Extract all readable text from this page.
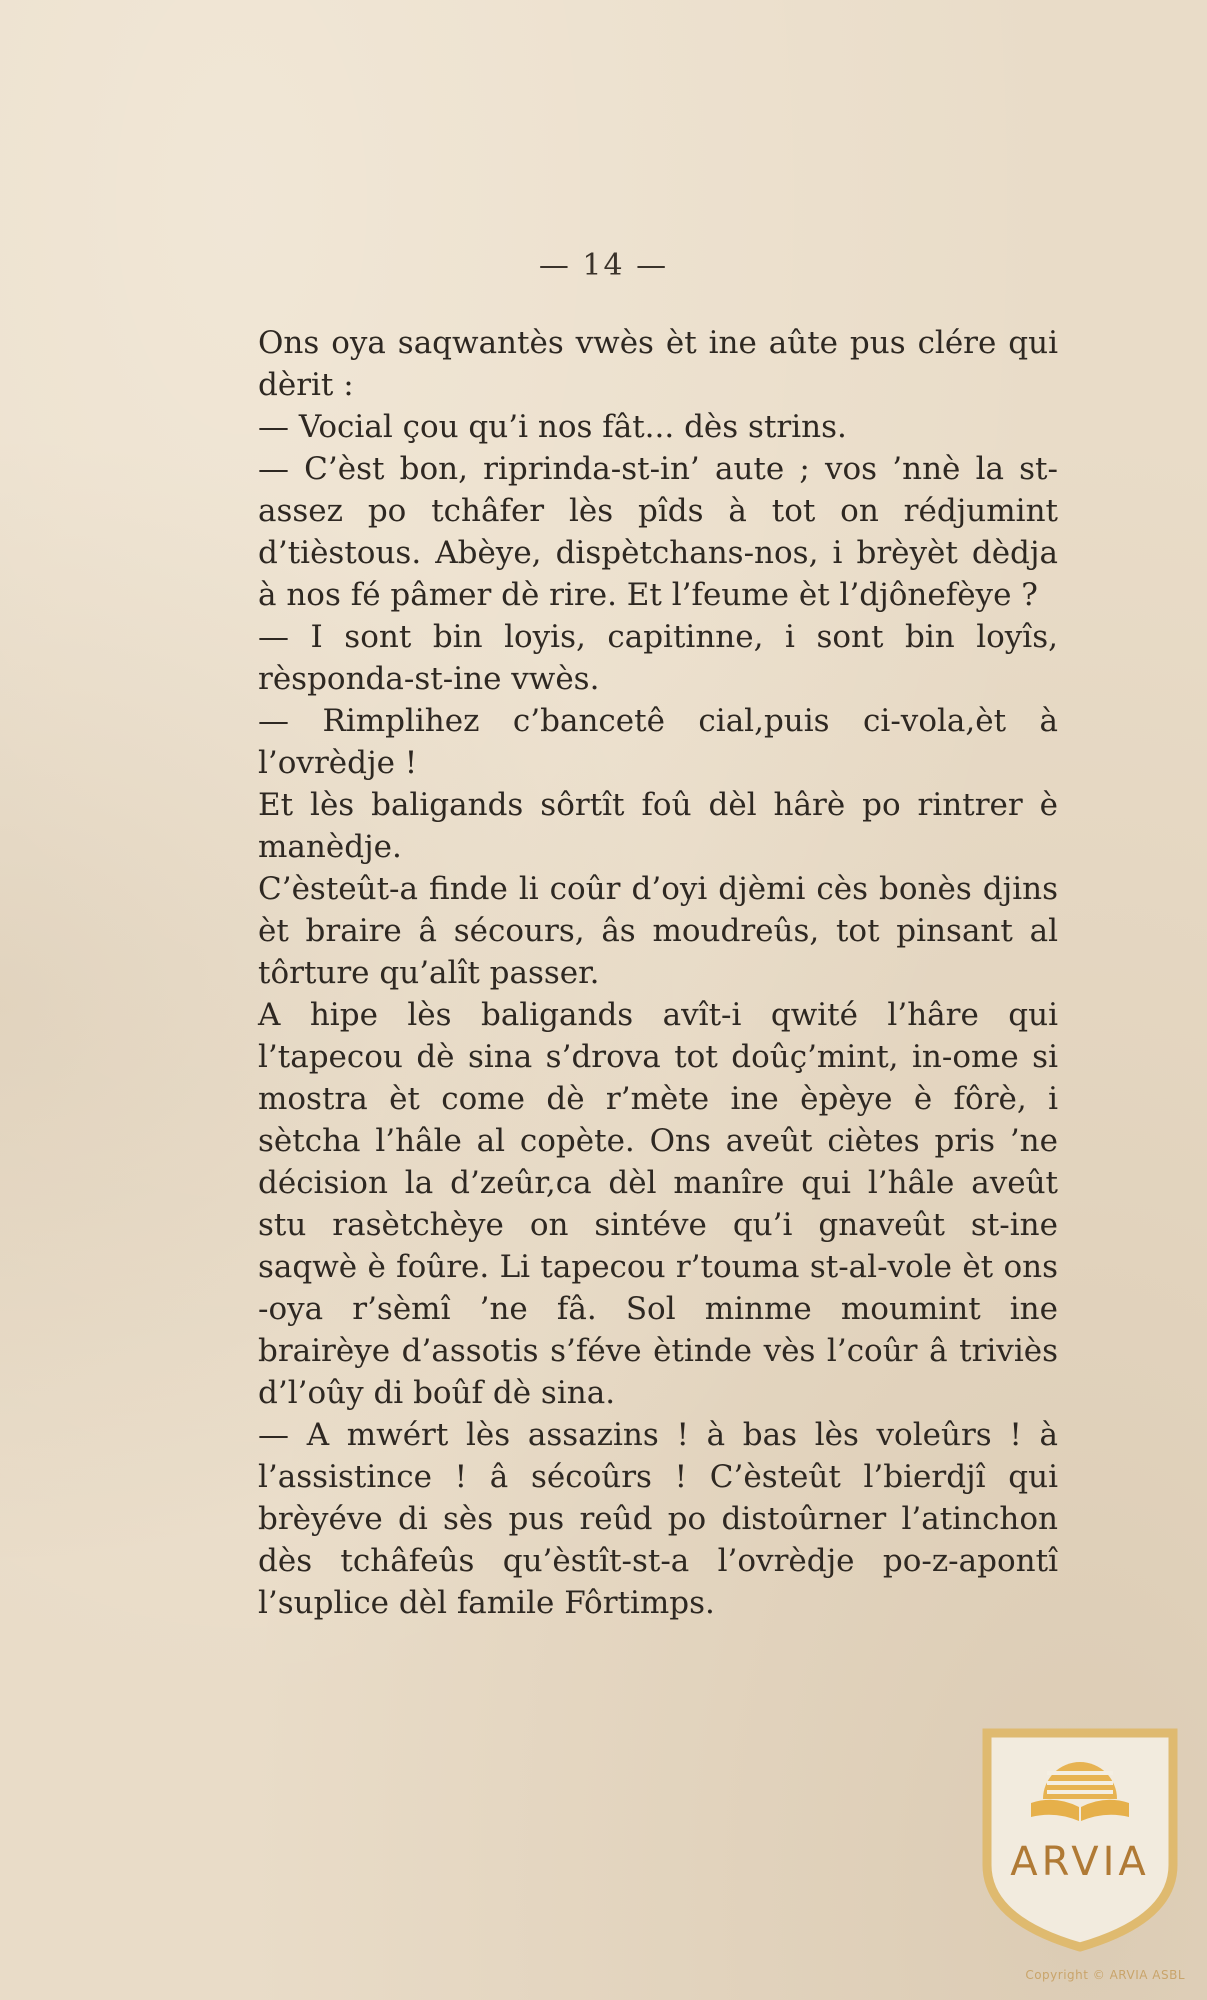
— 14 —

Ons oya saqwantès vwès èt ine aûte pus clére qui dèrit :

— Vocial çou qu’i nos fât... dès strins.

— C’èst bon, riprinda-st-in’ aute ; vos ’nnè la st-assez po tchâfer lès pîds à tot on rédjumint d’tièstous. Abèye, dispètchans-nos, i brèyèt dèdja à nos fé pâmer dè rire. Et l’feume èt l’djônefèye ?

— I sont bin loyis, capitinne, i sont bin loyîs, rèsponda-st-ine vwès.

— Rimplihez c’bancetê cial,puis ci-vola,èt à l’ovrèdje !

Et lès baligands sôrtît foû dèl hârè po rintrer è manèdje.

C’èsteût-a finde li coûr d’oyi djèmi cès bonès djins èt braire â sécours, âs moudreûs, tot pinsant al tôrture qu’alît passer.

A hipe lès baligands avît-i qwité l’hâre qui l’tapecou dè sina s’drova tot doûç’mint, in-ome si mostra èt come dè r’mète ine èpèye è fôrè, i sètcha l’hâle al copète. Ons aveût ciètes pris ’ne décision la d’zeûr,ca dèl manîre qui l’hâle aveût stu rasètchèye on sintéve qu’i gnaveût st-ine saqwè è foûre. Li tapecou r’touma st-al-vole èt ons -oya r’sèmî ’ne fâ. Sol minme moumint ine brairèye d’assotis s’féve ètinde vès l’coûr â triviès d’l’oûy di boûf dè sina.

— A mwért lès assazins ! à bas lès voleûrs ! à l’assistince ! â sécoûrs ! C’èsteût l’bierdjî qui brèyéve di sès pus reûd po distoûrner l’atinchon dès tchâfeûs qu’èstît-st-a l’ovrèdje po-z-apontî l’suplice dèl famile Fôrtimps.

ARVIA
Copyright © ARVIA ASBL
